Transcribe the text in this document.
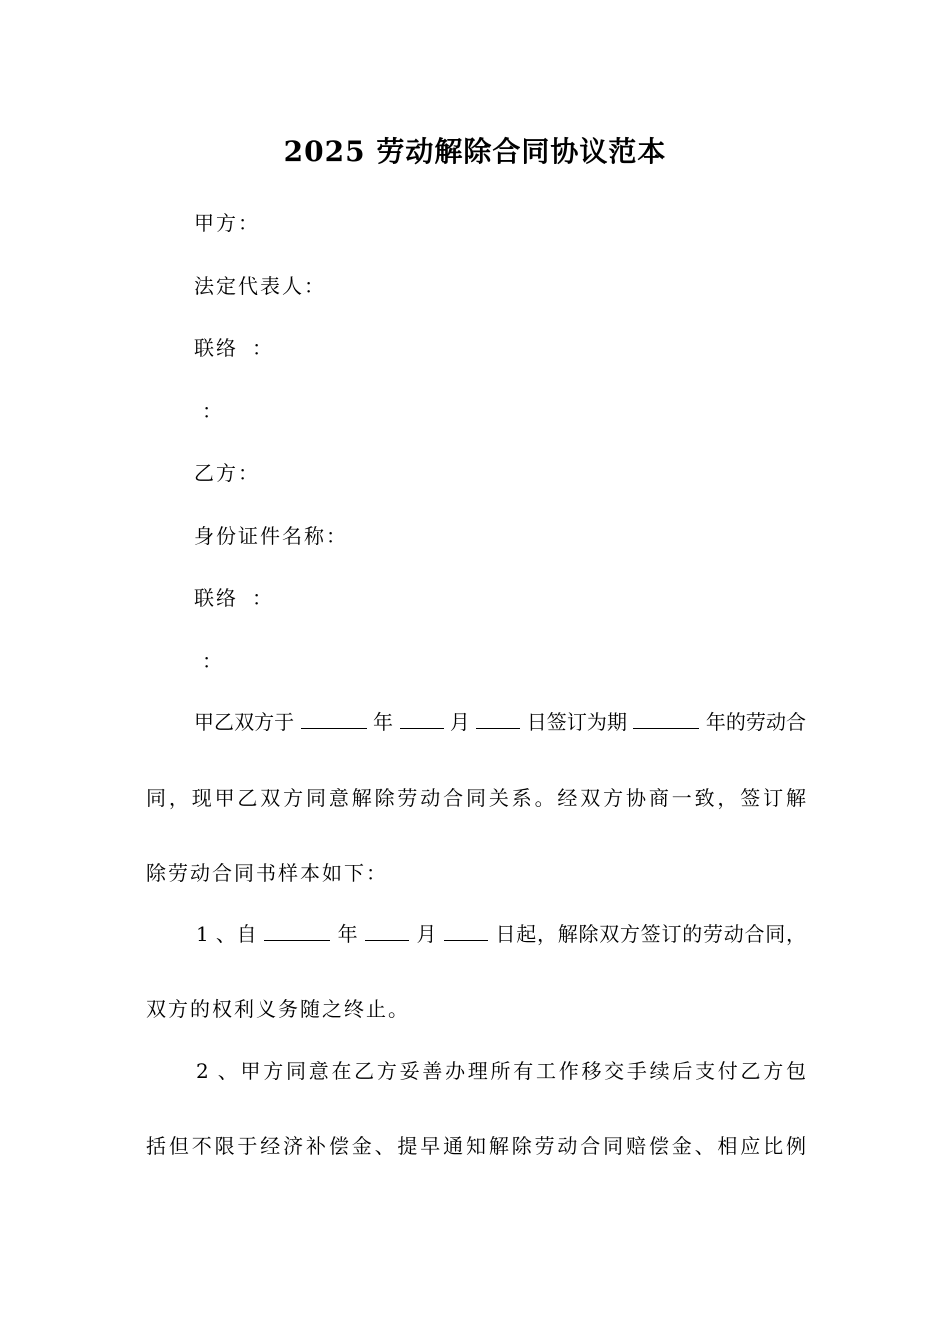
2025 劳动解除合同协议范本
甲方：
法定代表人：
联络 ：
：
乙方：
身份证件名称：
联络 ：
：
甲乙双方于	年	月	日签订为期	年的劳动合
同，现甲乙双方同意解除劳动合同关系。经双方协商一致，签订解
除劳动合同书样本如下：
1 、自	年	月	日起，解除双方签订的劳动合同，
双方的权利义务随之终止。
2 、甲方同意在乙方妥善办理所有工作移交手续后支付乙方包
括但不限于经济补偿金、提早通知解除劳动合同赔偿金、相应比例
